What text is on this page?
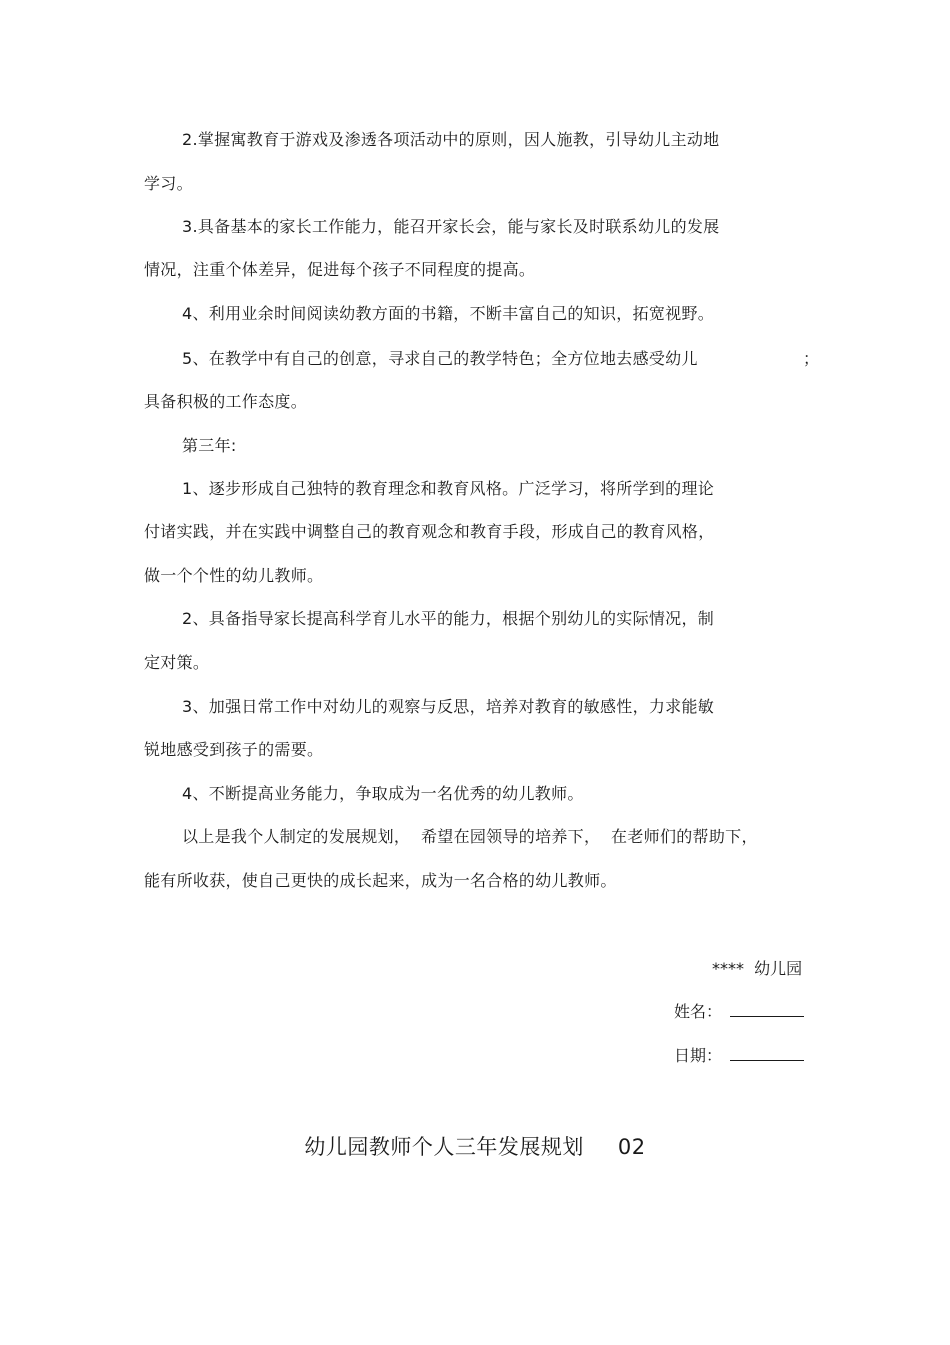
2.掌握寓教育于游戏及渗透各项活动中的原则，因人施教，引导幼儿主动地
学习。
3.具备基本的家长工作能力，能召开家长会，能与家长及时联系幼儿的发展
情况，注重个体差异，促进每个孩子不同程度的提高。
4、利用业余时间阅读幼教方面的书籍，不断丰富自己的知识，拓宽视野。
5、在教学中有自己的创意，寻求自己的教学特色；全方位地去感受幼儿	；
具备积极的工作态度。
第三年:
1、逐步形成自己独特的教育理念和教育风格。广泛学习，将所学到的理论
付诸实践，并在实践中调整自己的教育观念和教育手段，形成自己的教育风格，
做一个个性的幼儿教师。
2、具备指导家长提高科学育儿水平的能力，根据个别幼儿的实际情况，制
定对策。
3、加强日常工作中对幼儿的观察与反思，培养对教育的敏感性，力求能敏
锐地感受到孩子的需要。
4、不断提高业务能力，争取成为一名优秀的幼儿教师。
以上是我个人制定的发展规划，  希望在园领导的培养下，  在老师们的帮助下，
能有所收获，使自己更快的成长起来，成为一名合格的幼儿教师。
****  幼儿园
姓名：
日期：
幼儿园教师个人三年发展规划 02
